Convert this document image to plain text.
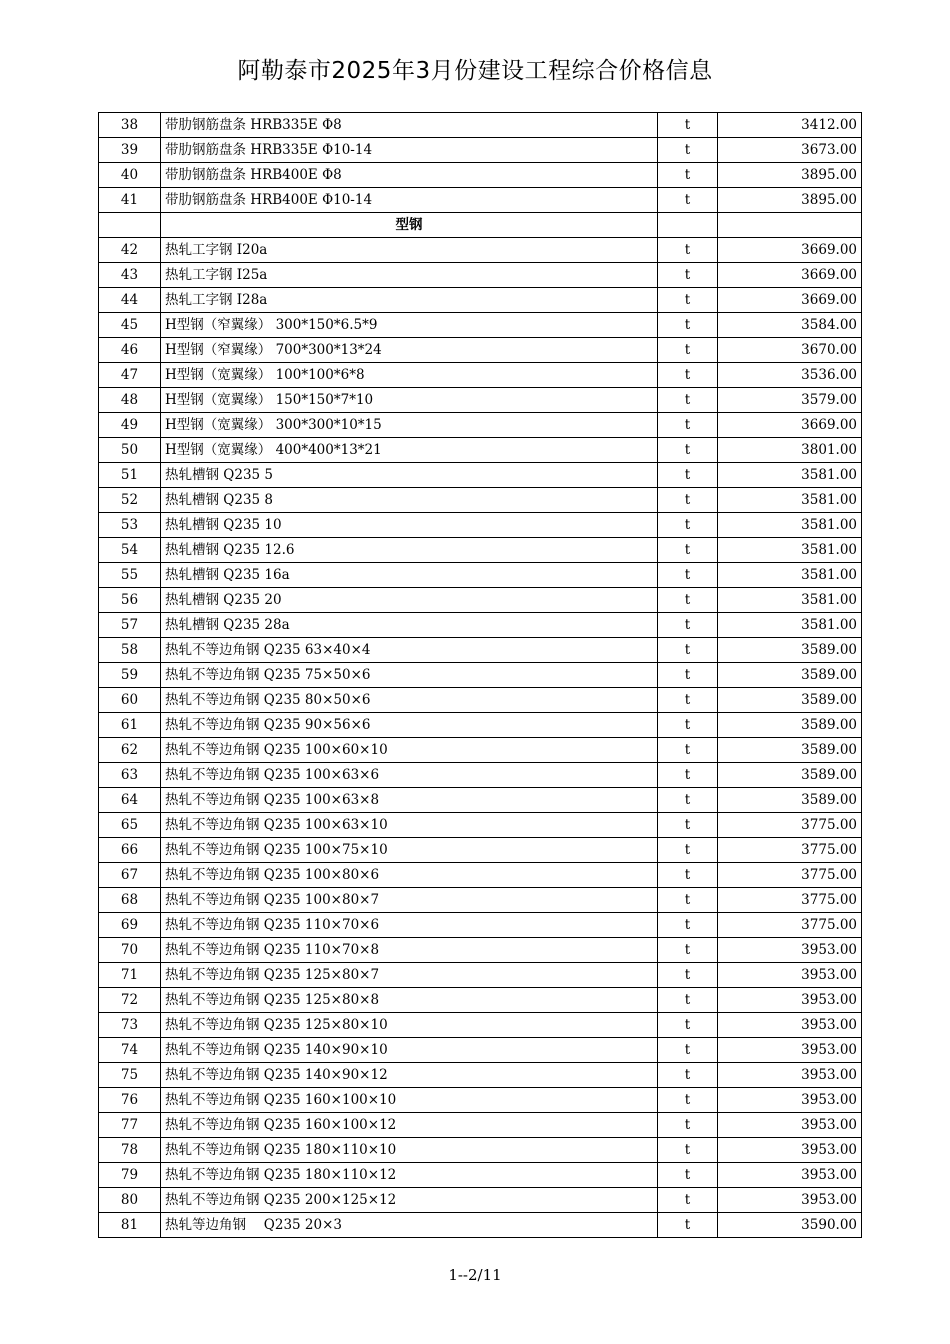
阿勒泰市2025年3月份建设工程综合价格信息
38	带肋钢筋盘条 HRB335E Φ8	t	3412.00
39	带肋钢筋盘条 HRB335E Φ10-14	t	3673.00
40	带肋钢筋盘条 HRB400E Φ8	t	3895.00
41	带肋钢筋盘条 HRB400E Φ10-14	t	3895.00
	型钢		
42	热轧工字钢 I20a	t	3669.00
43	热轧工字钢 I25a	t	3669.00
44	热轧工字钢 I28a	t	3669.00
45	H型钢（窄翼缘） 300*150*6.5*9	t	3584.00
46	H型钢（窄翼缘） 700*300*13*24	t	3670.00
47	H型钢（宽翼缘） 100*100*6*8	t	3536.00
48	H型钢（宽翼缘） 150*150*7*10	t	3579.00
49	H型钢（宽翼缘） 300*300*10*15	t	3669.00
50	H型钢（宽翼缘） 400*400*13*21	t	3801.00
51	热轧槽钢 Q235 5	t	3581.00
52	热轧槽钢 Q235 8	t	3581.00
53	热轧槽钢 Q235 10	t	3581.00
54	热轧槽钢 Q235 12.6	t	3581.00
55	热轧槽钢 Q235 16a	t	3581.00
56	热轧槽钢 Q235 20	t	3581.00
57	热轧槽钢 Q235 28a	t	3581.00
58	热轧不等边角钢 Q235 63×40×4	t	3589.00
59	热轧不等边角钢 Q235 75×50×6	t	3589.00
60	热轧不等边角钢 Q235 80×50×6	t	3589.00
61	热轧不等边角钢 Q235 90×56×6	t	3589.00
62	热轧不等边角钢 Q235 100×60×10	t	3589.00
63	热轧不等边角钢 Q235 100×63×6	t	3589.00
64	热轧不等边角钢 Q235 100×63×8	t	3589.00
65	热轧不等边角钢 Q235 100×63×10	t	3775.00
66	热轧不等边角钢 Q235 100×75×10	t	3775.00
67	热轧不等边角钢 Q235 100×80×6	t	3775.00
68	热轧不等边角钢 Q235 100×80×7	t	3775.00
69	热轧不等边角钢 Q235 110×70×6	t	3775.00
70	热轧不等边角钢 Q235 110×70×8	t	3953.00
71	热轧不等边角钢 Q235 125×80×7	t	3953.00
72	热轧不等边角钢 Q235 125×80×8	t	3953.00
73	热轧不等边角钢 Q235 125×80×10	t	3953.00
74	热轧不等边角钢 Q235 140×90×10	t	3953.00
75	热轧不等边角钢 Q235 140×90×12	t	3953.00
76	热轧不等边角钢 Q235 160×100×10	t	3953.00
77	热轧不等边角钢 Q235 160×100×12	t	3953.00
78	热轧不等边角钢 Q235 180×110×10	t	3953.00
79	热轧不等边角钢 Q235 180×110×12	t	3953.00
80	热轧不等边角钢 Q235 200×125×12	t	3953.00
81	热轧等边角钢　 Q235 20×3	t	3590.00
1--2/11
